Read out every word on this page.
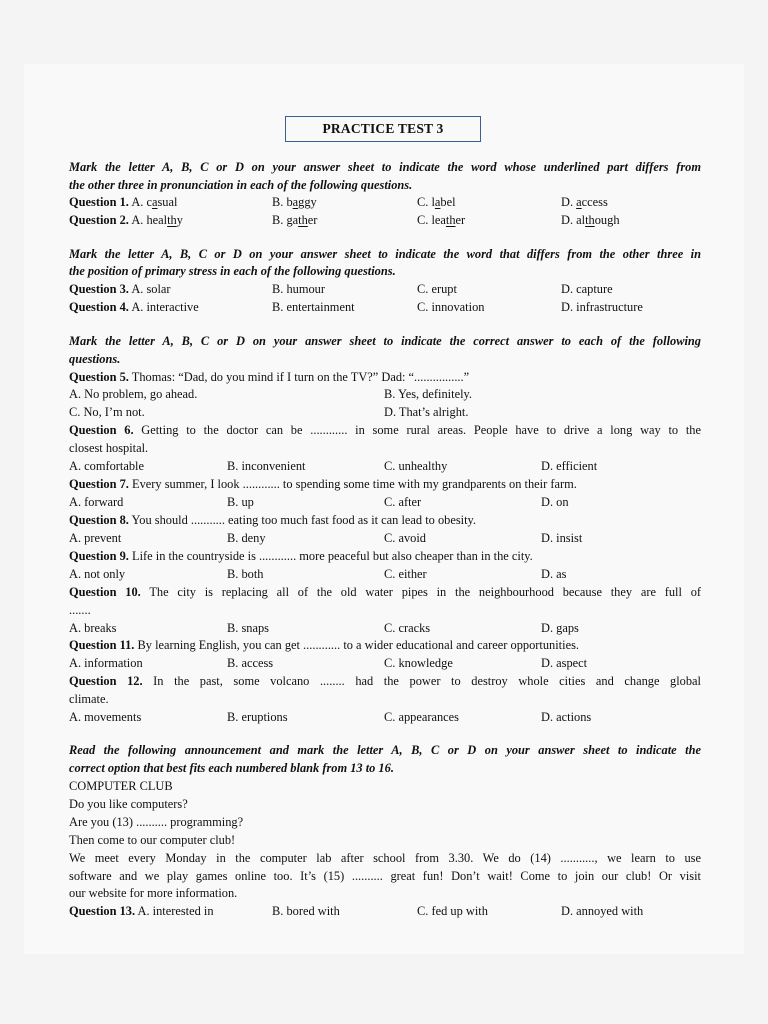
PRACTICE TEST 3
Mark the letter A, B, C or D on your answer sheet to indicate the word whose underlined part differs from
the other three in pronunciation in each of the following questions.
Question 1. A. casual	B. baggy	C. label	D. access
Question 2. A. healthy	B. gather	C. leather	D. although
Mark the letter A, B, C or D on your answer sheet to indicate the word that differs from the other three in
the position of primary stress in each of the following questions.
Question 3. A. solar	B. humour	C. erupt	D. capture
Question 4. A. interactive	B. entertainment	C. innovation	D. infrastructure
Mark the letter A, B, C or D on your answer sheet to indicate the correct answer to each of the following
questions.
Question 5. Thomas: “Dad, do you mind if I turn on the TV?” Dad: “................”
A. No problem, go ahead.	B. Yes, definitely.
C. No, I’m not.	D. That’s alright.
Question 6. Getting to the doctor can be ............ in some rural areas. People have to drive a long way to the
closest hospital.
A. comfortable	B. inconvenient	C. unhealthy	D. efficient
Question 7. Every summer, I look ............ to spending some time with my grandparents on their farm.
A. forward	B. up	C. after	D. on
Question 8. You should ........... eating too much fast food as it can lead to obesity.
A. prevent	B. deny	C. avoid	D. insist
Question 9. Life in the countryside is ............ more peaceful but also cheaper than in the city.
A. not only	B. both	C. either	D. as
Question 10. The city is replacing all of the old water pipes in the neighbourhood because they are full of
.......
A. breaks	B. snaps	C. cracks	D. gaps
Question 11. By learning English, you can get ............ to a wider educational and career opportunities.
A. information	B. access	C. knowledge	D. aspect
Question 12. In the past, some volcano ........ had the power to destroy whole cities and change global
climate.
A. movements	B. eruptions	C. appearances	D. actions
Read the following announcement and mark the letter A, B, C or D on your answer sheet to indicate the
correct option that best fits each numbered blank from 13 to 16.
COMPUTER CLUB
Do you like computers?
Are you (13) .......... programming?
Then come to our computer club!
We meet every Monday in the computer lab after school from 3.30. We do (14) ..........., we learn to use
software and we play games online too. It’s (15) .......... great fun! Don’t wait! Come to join our club! Or visit
our website for more information.
Question 13. A. interested in	B. bored with	C. fed up with	D. annoyed with
